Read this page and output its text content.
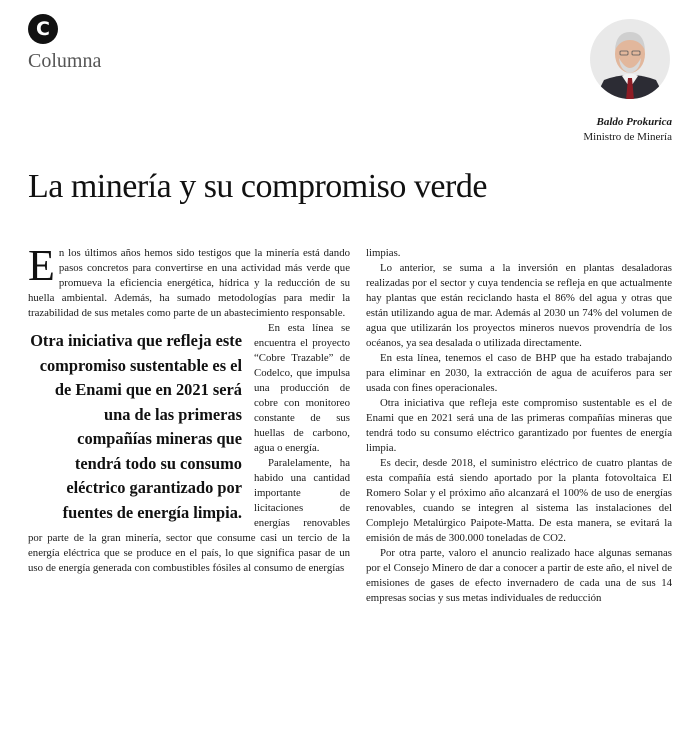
C
Columna
Baldo Prokurica
Ministro de Minería
La minería y su compromiso verde
E n los últimos años hemos sido testigos que la minería está dando pasos concretos para convertirse en una actividad más verde que promueva la eficiencia energética, hídrica y la reducción de su huella ambiental. Además, ha sumado metodologías para medir la trazabilidad de sus metales como parte de un abastecimiento responsable.

Otra iniciativa que refleja este compromiso sustentable es el de Enami que en 2021 será una de las primeras compañías mineras que tendrá todo su consumo eléctrico garantizado por fuentes de energía limpia.

En esta línea se encuentra el proyecto “Cobre Trazable” de Codelco, que impulsa una producción de cobre con monitoreo constante de sus huellas de carbono, agua o energía.

Paralelamente, ha habido una cantidad importante de licitaciones de energías renovables por parte de la gran minería, sector que consume casi un tercio de la energía eléctrica que se produce en el país, lo que significa pasar de un uso de energía generada con combustibles fósiles al consumo de energías

limpias.

Lo anterior, se suma a la inversión en plantas desaladoras realizadas por el sector y cuya tendencia se refleja en que actualmente hay plantas que están reciclando hasta el 86% del agua y otras que están utilizando agua de mar. Además al 2030 un 74% del volumen de agua que utilizarán los proyectos mineros nuevos provendría de los océanos, ya sea desalada o utilizada directamente.

En esta línea, tenemos el caso de BHP que ha estado trabajando para eliminar en 2030, la extracción de agua de acuíferos para ser usada con fines operacionales.

Otra iniciativa que refleja este compromiso sustentable es el de Enami que en 2021 será una de las primeras compañías mineras que tendrá todo su consumo eléctrico garantizado por fuentes de energía limpia.

Es decir, desde 2018, el suministro eléctrico de cuatro plantas de esta compañía está siendo aportado por la planta fotovoltaica El Romero Solar y el próximo año alcanzará el 100% de uso de energías renovables, cuando se integren al sistema las instalaciones del Complejo Metalúrgico Paipote-Matta. De esta manera, se evitará la emisión de más de 300.000 toneladas de CO2.

Por otra parte, valoro el anuncio realizado hace algunas semanas por el Consejo Minero de dar a conocer a partir de este año, el nivel de emisiones de gases de efecto invernadero de cada una de sus 14 empresas socias y sus metas individuales de reducción
